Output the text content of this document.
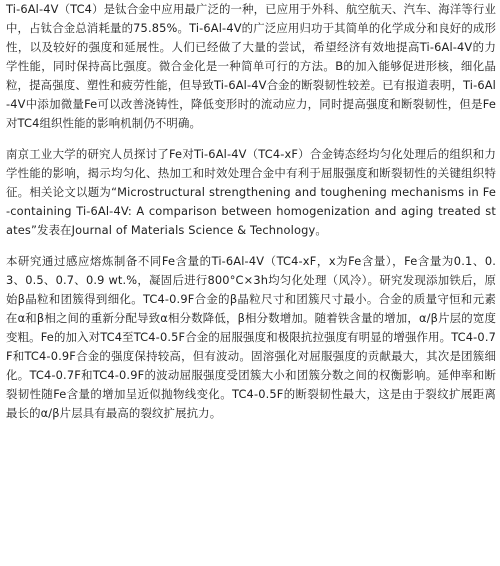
Ti-6Al-4V（TC4）是钛合金中应用最广泛的一种，已应用于外科、航空航天、汽车、海洋等行业中，占钛合金总消耗量的75.85%。Ti-6Al-4V的广泛应用归功于其简单的化学成分和良好的成形性，以及较好的强度和延展性。人们已经做了大量的尝试，希望经济有效地提高Ti-6Al-4V的力学性能，同时保持高比强度。微合金化是一种简单可行的方法。B的加入能够促进形核，细化晶粒，提高强度、塑性和疲劳性能，但导致Ti-6Al-4V合金的断裂韧性较差。已有报道表明，Ti-6Al-4V中添加微量Fe可以改善浇铸性，降低变形时的流动应力，同时提高强度和断裂韧性，但是Fe对TC4组织性能的影响机制仍不明确。

南京工业大学的研究人员探讨了Fe对Ti-6Al-4V（TC4-xF）合金铸态经均匀化处理后的组织和力学性能的影响，揭示均匀化、热加工和时效处理合金中有利于屈服强度和断裂韧性的关键组织特征。相关论文以题为“Microstructural strengthening and toughening mechanisms in Fe-containing Ti-6Al-4V: A comparison between homogenization and aging treated states”发表在Journal of Materials Science & Technology。

本研究通过感应熔炼制备不同Fe含量的Ti-6Al-4V（TC4-xF，x为Fe含量），Fe含量为0.1、0.3、0.5、0.7、0.9 wt.%，凝固后进行800°C×3h均匀化处理（风冷）。研究发现添加铁后，原始β晶粒和团簇得到细化。TC4-0.9F合金的β晶粒尺寸和团簇尺寸最小。合金的质量守恒和元素在α和β相之间的重新分配导致α相分数降低，β相分数增加。随着铁含量的增加，α/β片层的宽度变粗。Fe的加入对TC4至TC4-0.5F合金的屈服强度和极限抗拉强度有明显的增强作用。TC4-0.7F和TC4-0.9F合金的强度保持较高，但有波动。固溶强化对屈服强度的贡献最大，其次是团簇细化。TC4-0.7F和TC4-0.9F的波动屈服强度受团簇大小和团簇分数之间的权衡影响。延伸率和断裂韧性随Fe含量的增加呈近似抛物线变化。TC4-0.5F的断裂韧性最大，这是由于裂纹扩展距离最长的α/β片层具有最高的裂纹扩展抗力。
